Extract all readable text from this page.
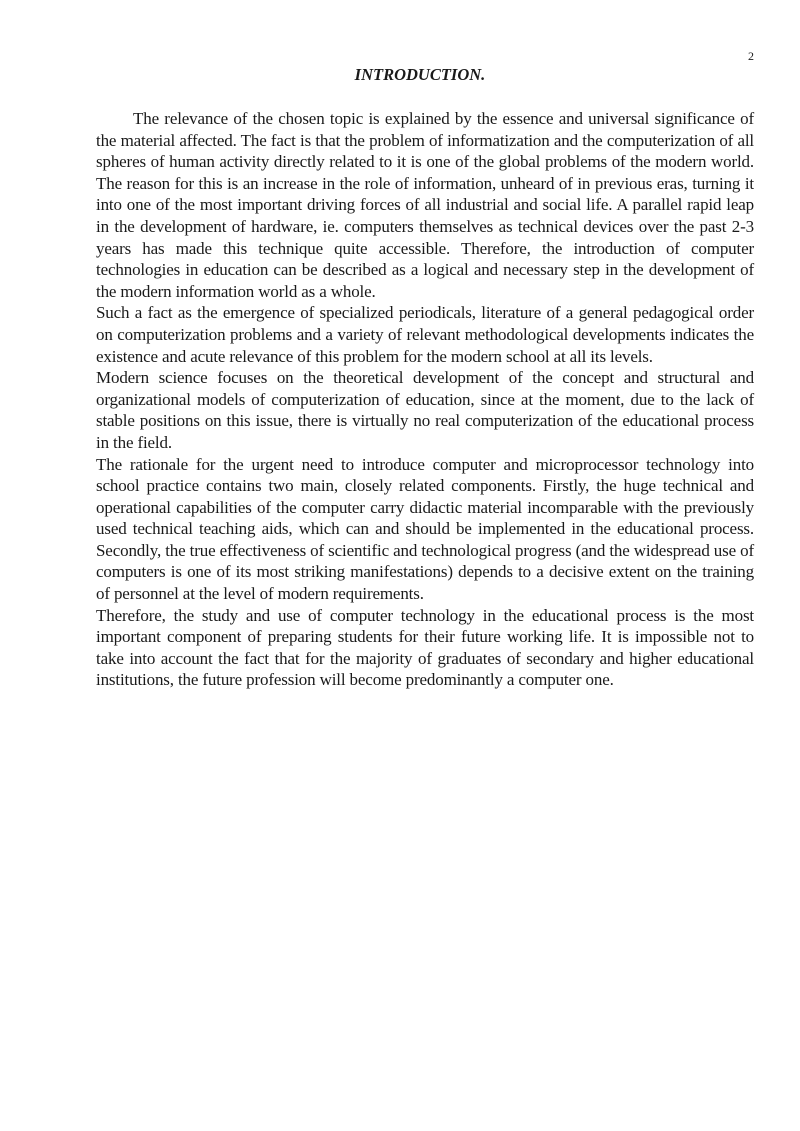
2
INTRODUCTION.

The relevance of the chosen topic is explained by the essence and universal significance of the material affected. The fact is that the problem of informatization and the computerization of all spheres of human activity directly related to it is one of the global problems of the modern world. The reason for this is an increase in the role of information, unheard of in previous eras, turning it into one of the most important driving forces of all industrial and social life. A parallel rapid leap in the development of hardware, ie. computers themselves as technical devices over the past 2-3 years has made this technique quite accessible. Therefore, the introduction of computer technologies in education can be described as a logical and necessary step in the development of the modern information world as a whole.

Such a fact as the emergence of specialized periodicals, literature of a general pedagogical order on computerization problems and a variety of relevant methodological developments indicates the existence and acute relevance of this problem for the modern school at all its levels.

Modern science focuses on the theoretical development of the concept and structural and organizational models of computerization of education, since at the moment, due to the lack of stable positions on this issue, there is virtually no real computerization of the educational process in the field.

The rationale for the urgent need to introduce computer and microprocessor technology into school practice contains two main, closely related components. Firstly, the huge technical and operational capabilities of the computer carry didactic material incomparable with the previously used technical teaching aids, which can and should be implemented in the educational process. Secondly, the true effectiveness of scientific and technological progress (and the widespread use of computers is one of its most striking manifestations) depends to a decisive extent on the training of personnel at the level of modern requirements.

Therefore, the study and use of computer technology in the educational process is the most important component of preparing students for their future working life. It is impossible not to take into account the fact that for the majority of graduates of secondary and higher educational institutions, the future profession will become predominantly a computer one.
